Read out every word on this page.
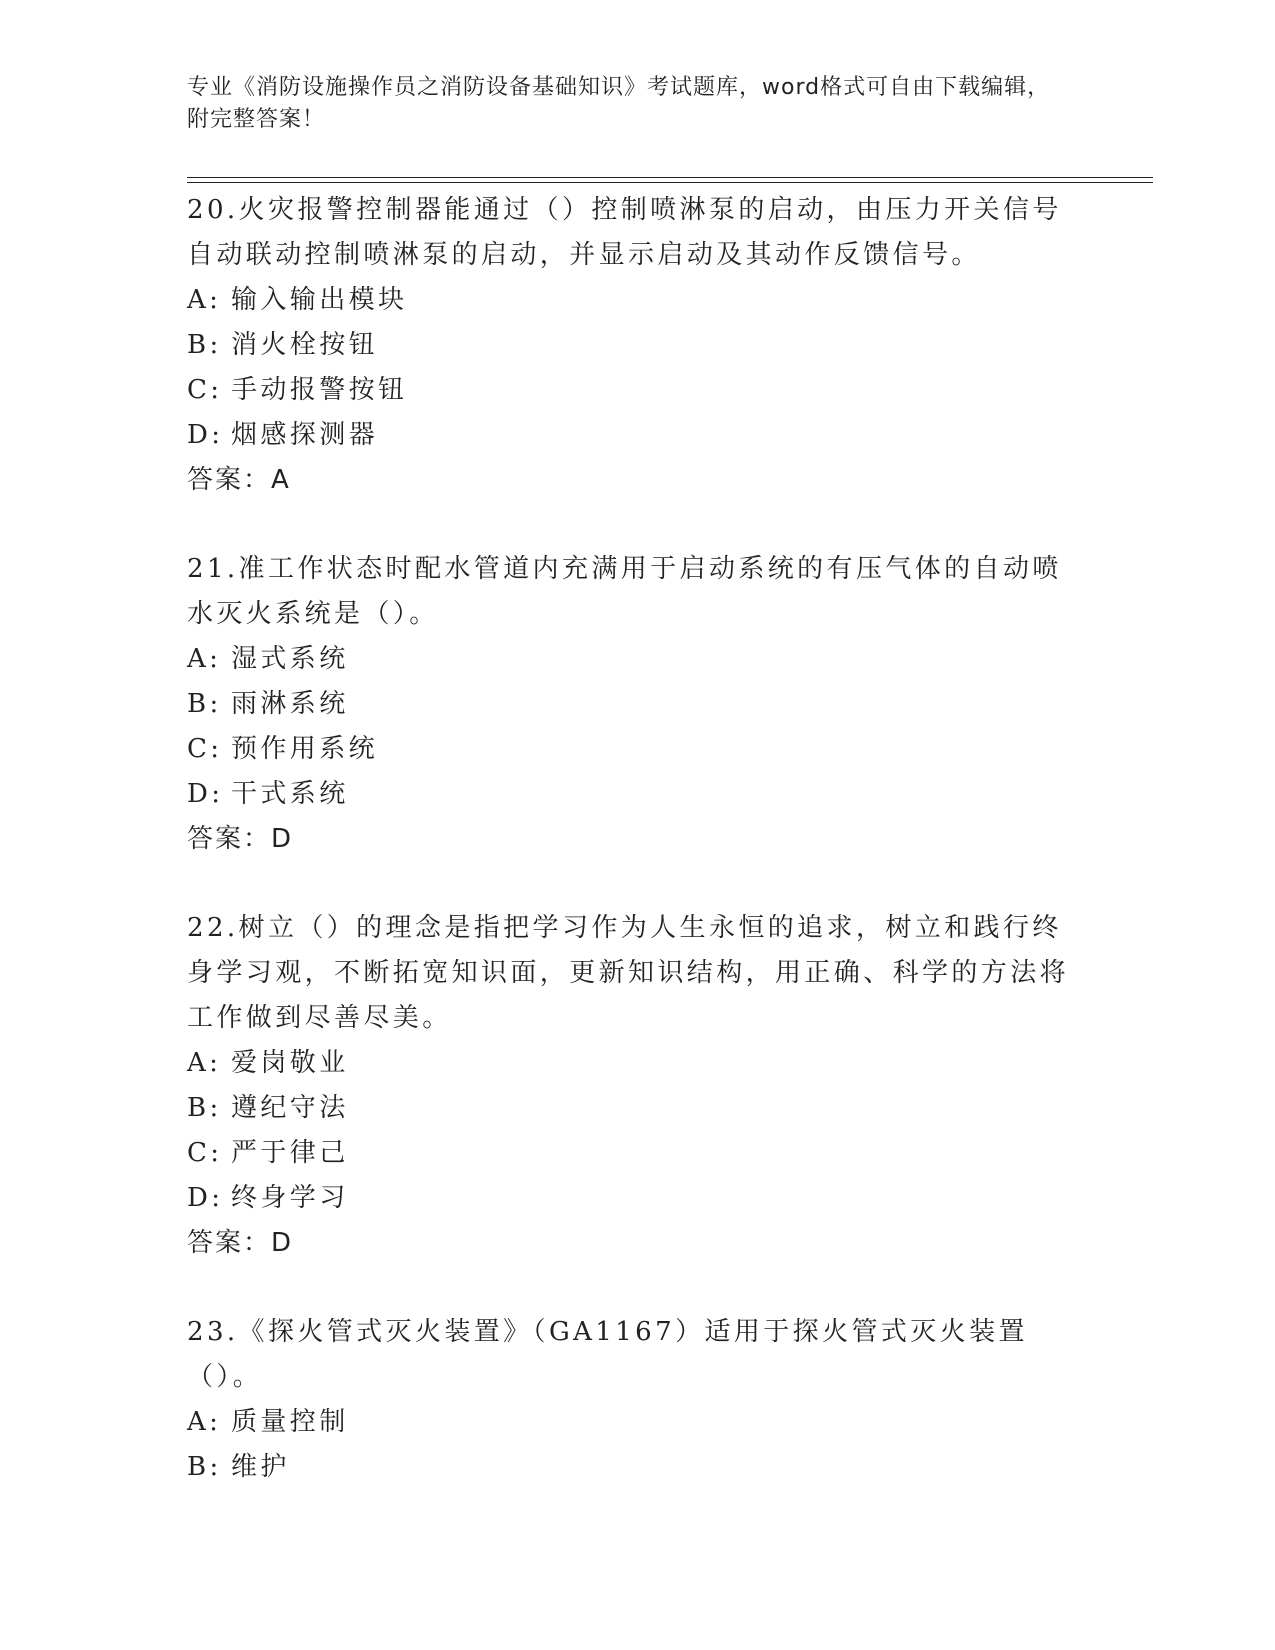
专业《消防设施操作员之消防设备基础知识》考试题库，word格式可自由下载编辑，附完整答案！

20.火灾报警控制器能通过（）控制喷淋泵的启动，由压力开关信号自动联动控制喷淋泵的启动，并显示启动及其动作反馈信号。

A: 输入输出模块

B: 消火栓按钮

C: 手动报警按钮

D: 烟感探测器

答案：A

21.准工作状态时配水管道内充满用于启动系统的有压气体的自动喷水灭火系统是（）。

A: 湿式系统

B: 雨淋系统

C: 预作用系统

D: 干式系统

答案：D

22.树立（）的理念是指把学习作为人生永恒的追求，树立和践行终身学习观，不断拓宽知识面，更新知识结构，用正确、科学的方法将工作做到尽善尽美。

A: 爱岗敬业

B: 遵纪守法

C: 严于律己

D: 终身学习

答案：D

23.《探火管式灭火装置》（GA1167）适用于探火管式灭火装置（）。

A: 质量控制

B: 维护
